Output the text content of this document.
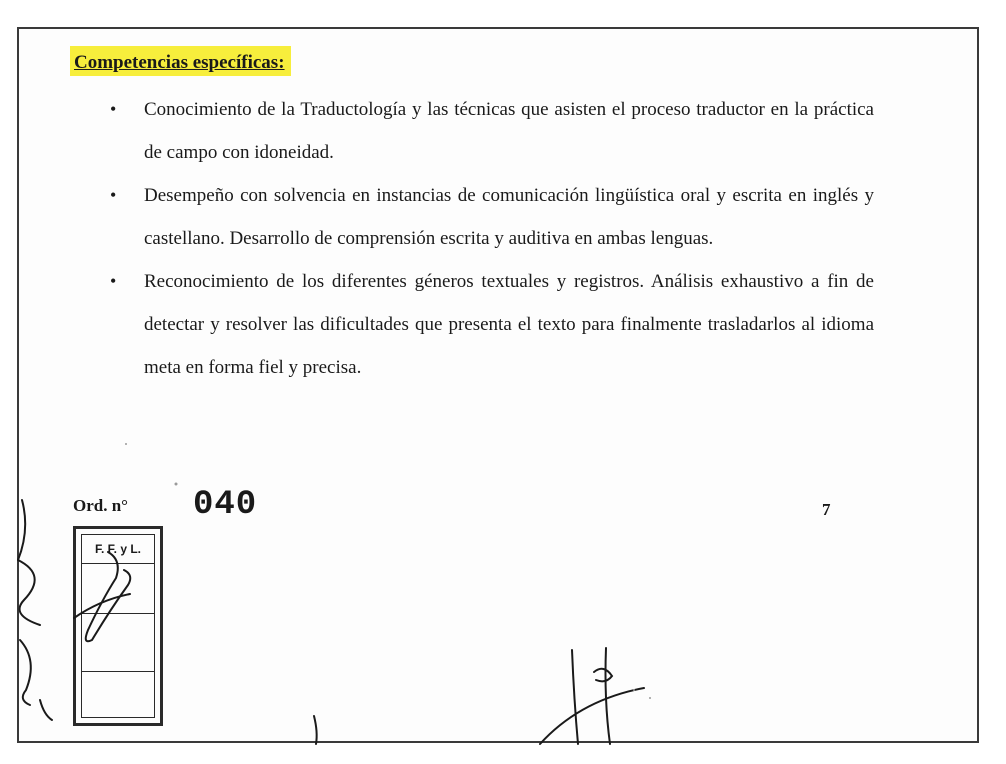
Competencias específicas:
• Conocimiento de la Traductología y las técnicas que asisten el proceso traductor en la práctica de campo con idoneidad.
• Desempeño con solvencia en instancias de comunicación lingüística oral y escrita en inglés y castellano. Desarrollo de comprensión escrita y auditiva en ambas lenguas.
• Reconocimiento de los diferentes géneros textuales y registros. Análisis exhaustivo a fin de detectar y resolver las dificultades que presenta el texto para finalmente trasladarlos al idioma meta en forma fiel y precisa.
Ord. n° 040	7
F. F. y L.
